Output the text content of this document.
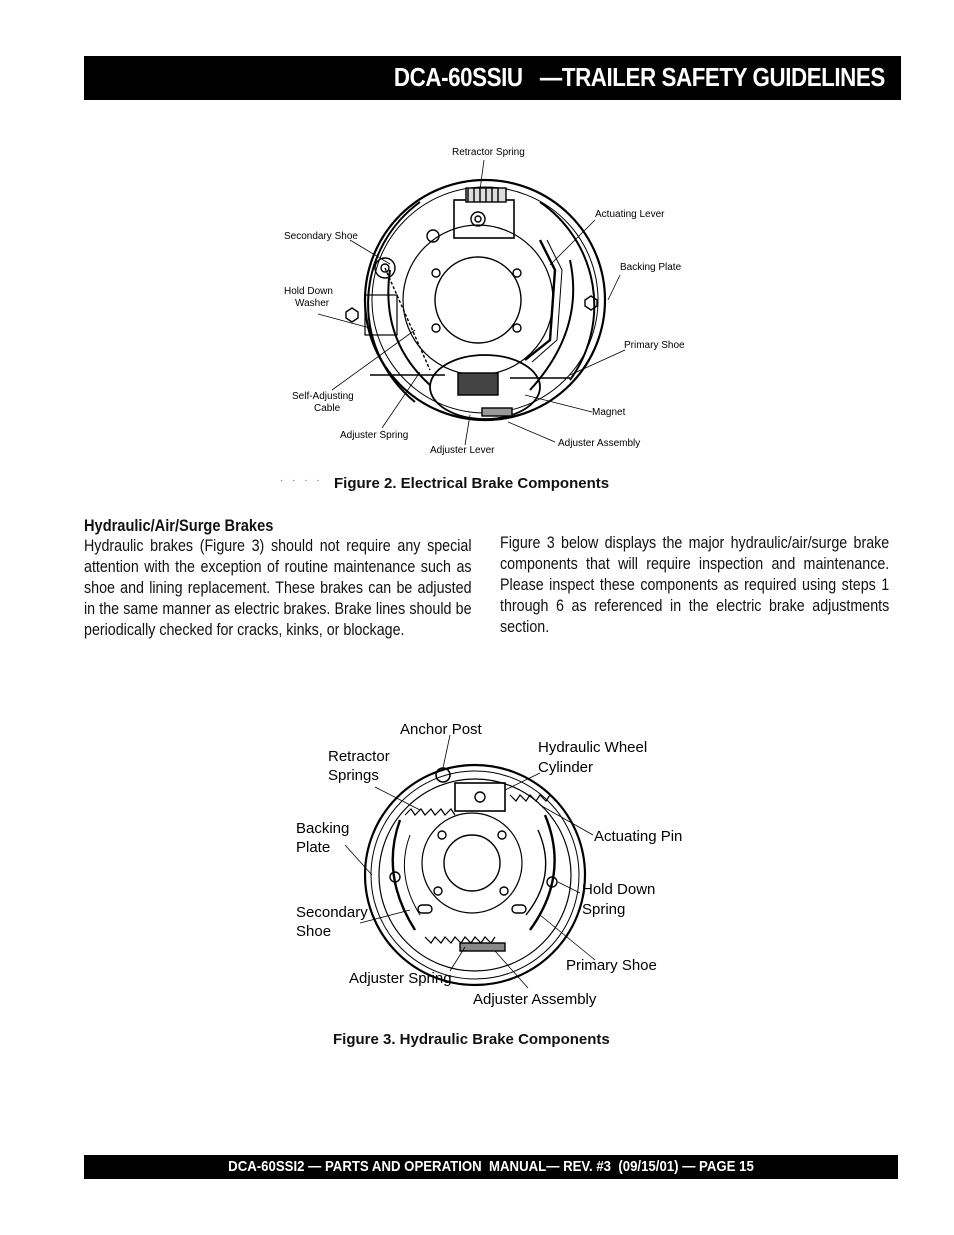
DCA-60SSIU   —TRAILER SAFETY GUIDELINES
Retractor Spring
Actuating Lever
Secondary Shoe
Backing Plate
Hold Down
Washer
Primary Shoe
Self-Adjusting
Cable	Magnet
Adjuster Spring
Adjuster Assembly
Adjuster Lever
· · · · Figure 2. Electrical Brake Components
Hydraulic/Air/Surge Brakes
Hydraulic brakes (Figure 3) should not require any special attention with the exception of routine maintenance such as shoe and lining replacement. These brakes can be adjusted in the same manner as electric brakes. Brake lines should be periodically checked for cracks, kinks, or blockage.
Figure 3 below displays the major hydraulic/air/surge brake components that will require inspection and maintenance. Please inspect these components as required using steps 1 through 6 as referenced in the electric brake adjustments section.
Anchor Post
Retractor
Springs
Hydraulic Wheel
Cylinder
Backing
Plate
Actuating Pin
Hold Down
Spring
Secondary
Shoe
Primary Shoe
Adjuster Spring
Adjuster Assembly
Figure 3. Hydraulic Brake Components
DCA-60SSI2 — PARTS AND OPERATION  MANUAL— REV. #3  (09/15/01) — PAGE 15
